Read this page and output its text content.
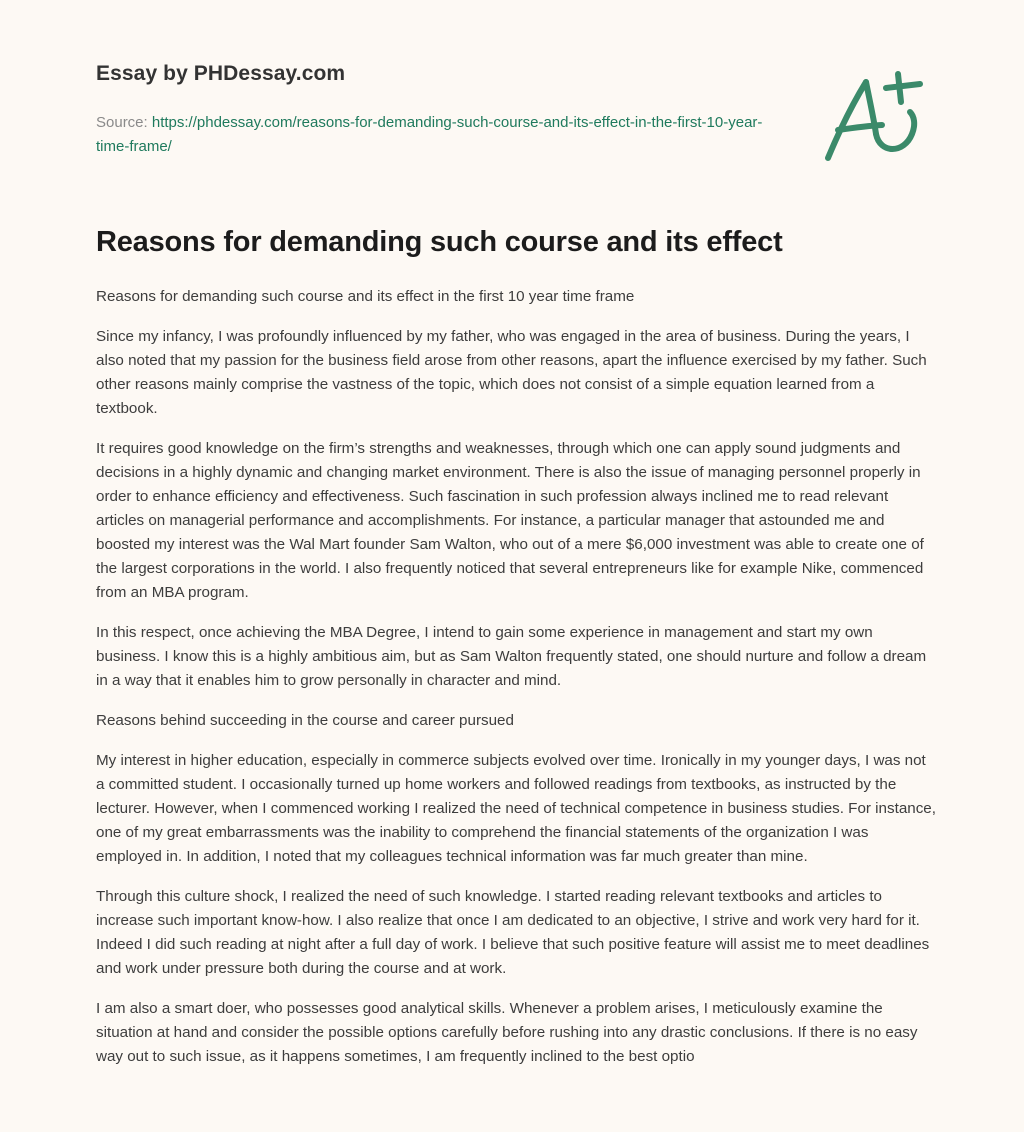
Essay by PHDessay.com
Source: https://phdessay.com/reasons-for-demanding-such-course-and-its-effect-in-the-first-10-year-time-frame/
Reasons for demanding such course and its effect

Reasons for demanding such course and its effect in the first 10 year time frame

Since my infancy, I was profoundly influenced by my father, who was engaged in the area of business. During the years, I also noted that my passion for the business field arose from other reasons, apart the influence exercised by my father. Such other reasons mainly comprise the vastness of the topic, which does not consist of a simple equation learned from a textbook.

It requires good knowledge on the firm’s strengths and weaknesses, through which one can apply sound judgments and decisions in a highly dynamic and changing market environment. There is also the issue of managing personnel properly in order to enhance efficiency and effectiveness. Such fascination in such profession always inclined me to read relevant articles on managerial performance and accomplishments. For instance, a particular manager that astounded me and boosted my interest was the Wal Mart founder Sam Walton, who out of a mere $6,000 investment was able to create one of the largest corporations in the world. I also frequently noticed that several entrepreneurs like for example Nike, commenced from an MBA program.

In this respect, once achieving the MBA Degree, I intend to gain some experience in management and start my own business. I know this is a highly ambitious aim, but as Sam Walton frequently stated, one should nurture and follow a dream in a way that it enables him to grow personally in character and mind.

Reasons behind succeeding in the course and career pursued

My interest in higher education, especially in commerce subjects evolved over time. Ironically in my younger days, I was not a committed student. I occasionally turned up home workers and followed readings from textbooks, as instructed by the lecturer. However, when I commenced working I realized the need of technical competence in business studies. For instance, one of my great embarrassments was the inability to comprehend the financial statements of the organization I was employed in. In addition, I noted that my colleagues technical information was far much greater than mine.

Through this culture shock, I realized the need of such knowledge. I started reading relevant textbooks and articles to increase such important know-how. I also realize that once I am dedicated to an objective, I strive and work very hard for it. Indeed I did such reading at night after a full day of work. I believe that such positive feature will assist me to meet deadlines and work under pressure both during the course and at work.

I am also a smart doer, who possesses good analytical skills. Whenever a problem arises, I meticulously examine the situation at hand and consider the possible options carefully before rushing into any drastic conclusions. If there is no easy way out to such issue, as it happens sometimes, I am frequently inclined to the best optio
